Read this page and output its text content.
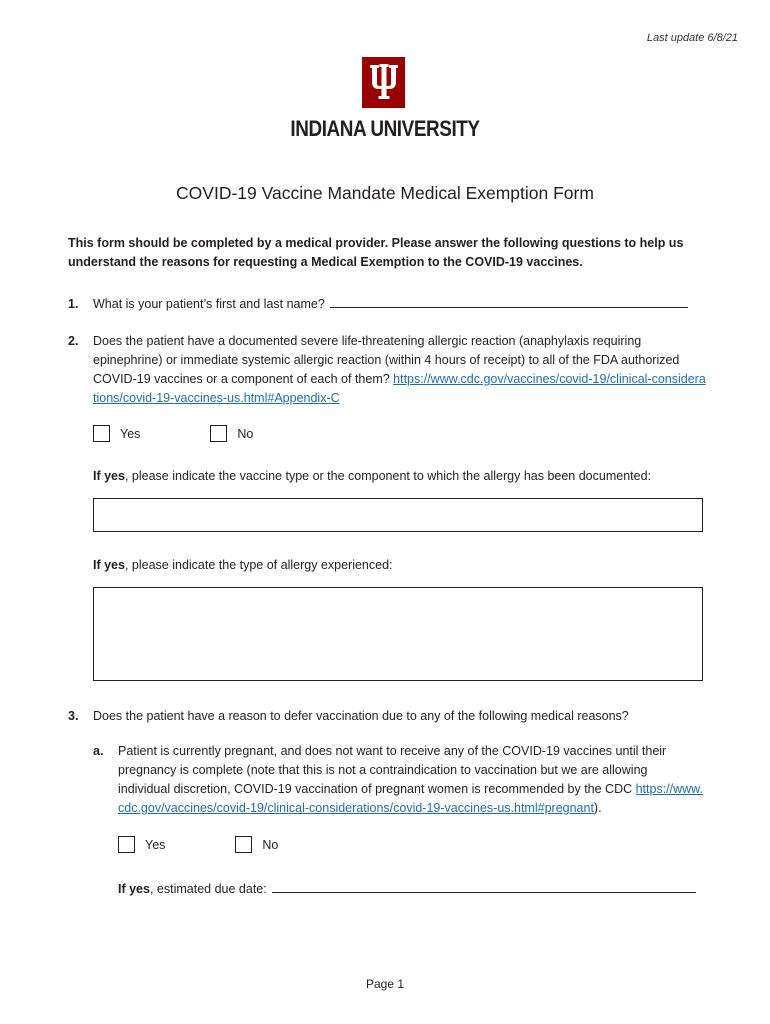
Last update 6/8/21
INDIANA UNIVERSITY
COVID-19 Vaccine Mandate Medical Exemption Form
This form should be completed by a medical provider. Please answer the following questions to help us understand the reasons for requesting a Medical Exemption to the COVID-19 vaccines.
1.	What is your patient’s first and last name?
2.	Does the patient have a documented severe life-threatening allergic reaction (anaphylaxis requiring epinephrine) or immediate systemic allergic reaction (within 4 hours of receipt) to all of the FDA authorized COVID-19 vaccines or a component of each of them? https://www.cdc.gov/vaccines/covid-19/clinical-considerations/covid-19-vaccines-us.html#Appendix-C
Yes	No
If yes, please indicate the vaccine type or the component to which the allergy has been documented:
If yes, please indicate the type of allergy experienced:
3.	Does the patient have a reason to defer vaccination due to any of the following medical reasons?
a.	Patient is currently pregnant, and does not want to receive any of the COVID-19 vaccines until their pregnancy is complete (note that this is not a contraindication to vaccination but we are allowing individual discretion, COVID-19 vaccination of pregnant women is recommended by the CDC https://www.cdc.gov/vaccines/covid-19/clinical-considerations/covid-19-vaccines-us.html#pregnant).
Yes	No
If yes, estimated due date:
Page 1
